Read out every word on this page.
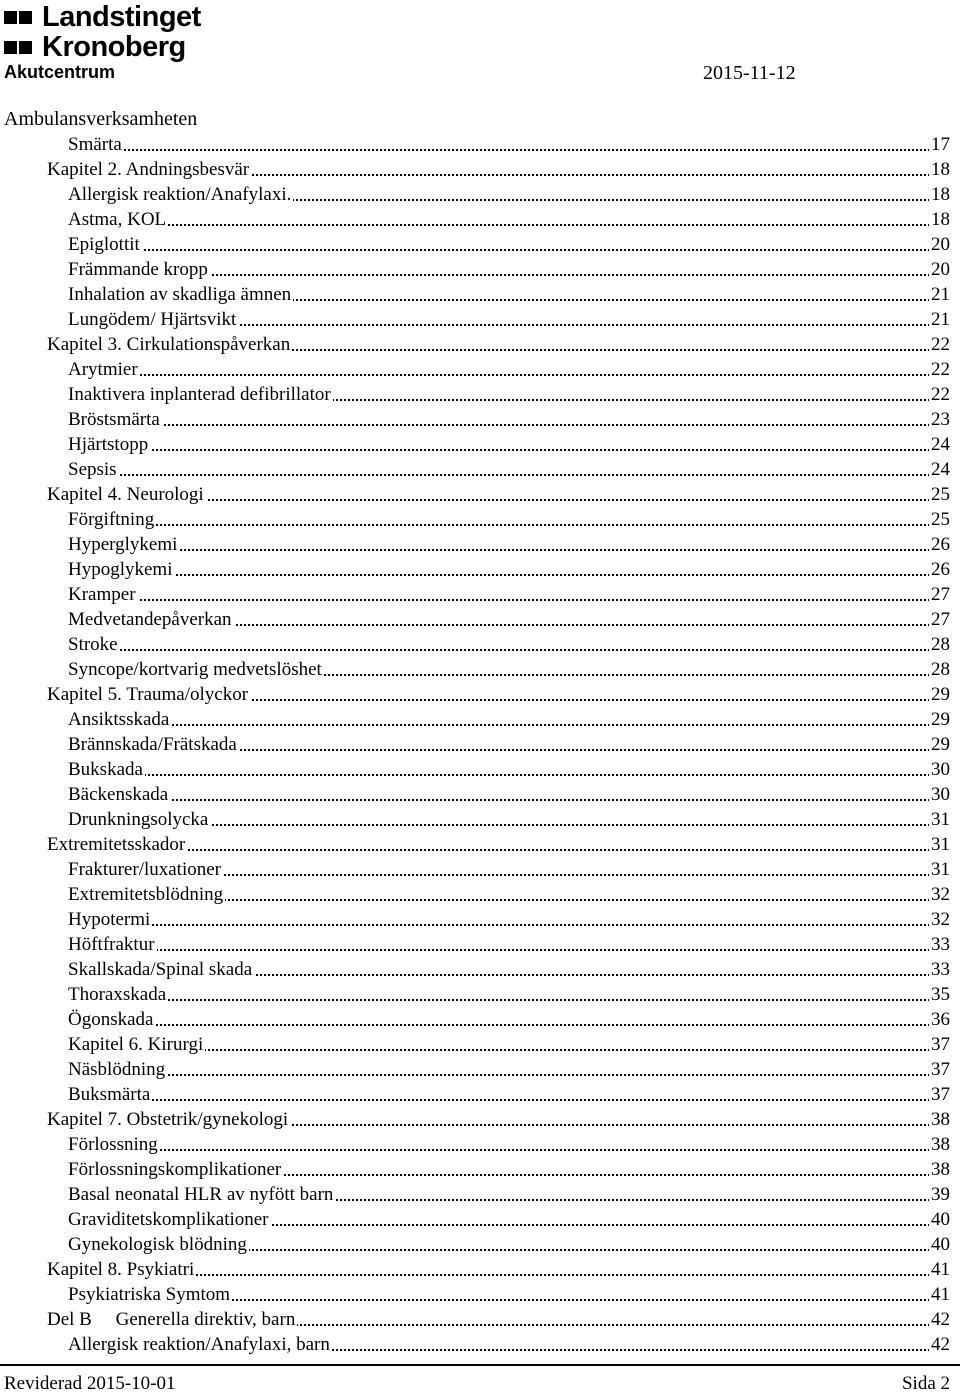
Landstinget
Kronoberg
Akutcentrum	2015-11-12
Ambulansverksamheten
Smärta	17
Kapitel 2. Andningsbesvär	18
Allergisk reaktion/Anafylaxi.	18
Astma, KOL	18
Epiglottit	20
Främmande kropp	20
Inhalation av skadliga ämnen	21
Lungödem/ Hjärtsvikt	21
Kapitel 3. Cirkulationspåverkan	22
Arytmier	22
Inaktivera inplanterad defibrillator	22
Bröstsmärta	23
Hjärtstopp	24
Sepsis	24
Kapitel 4. Neurologi	25
Förgiftning	25
Hyperglykemi	26
Hypoglykemi	26
Kramper	27
Medvetandepåverkan	27
Stroke	28
Syncope/kortvarig medvetslöshet	28
Kapitel 5. Trauma/olyckor	29
Ansiktsskada	29
Brännskada/Frätskada	29
Bukskada	30
Bäckenskada	30
Drunkningsolycka	31
Extremitetsskador	31
Frakturer/luxationer	31
Extremitetsblödning	32
Hypotermi	32
Höftfraktur	33
Skallskada/Spinal skada	33
Thoraxskada	35
Ögonskada	36
Kapitel 6. Kirurgi	37
Näsblödning	37
Buksmärta	37
Kapitel 7. Obstetrik/gynekologi	38
Förlossning	38
Förlossningskomplikationer	38
Basal neonatal HLR av nyfött barn	39
Graviditetskomplikationer	40
Gynekologisk blödning	40
Kapitel 8. Psykiatri	41
Psykiatriska Symtom	41
Del B     Generella direktiv, barn	42
Allergisk reaktion/Anafylaxi, barn	42
Reviderad 2015-10-01	Sida 2
